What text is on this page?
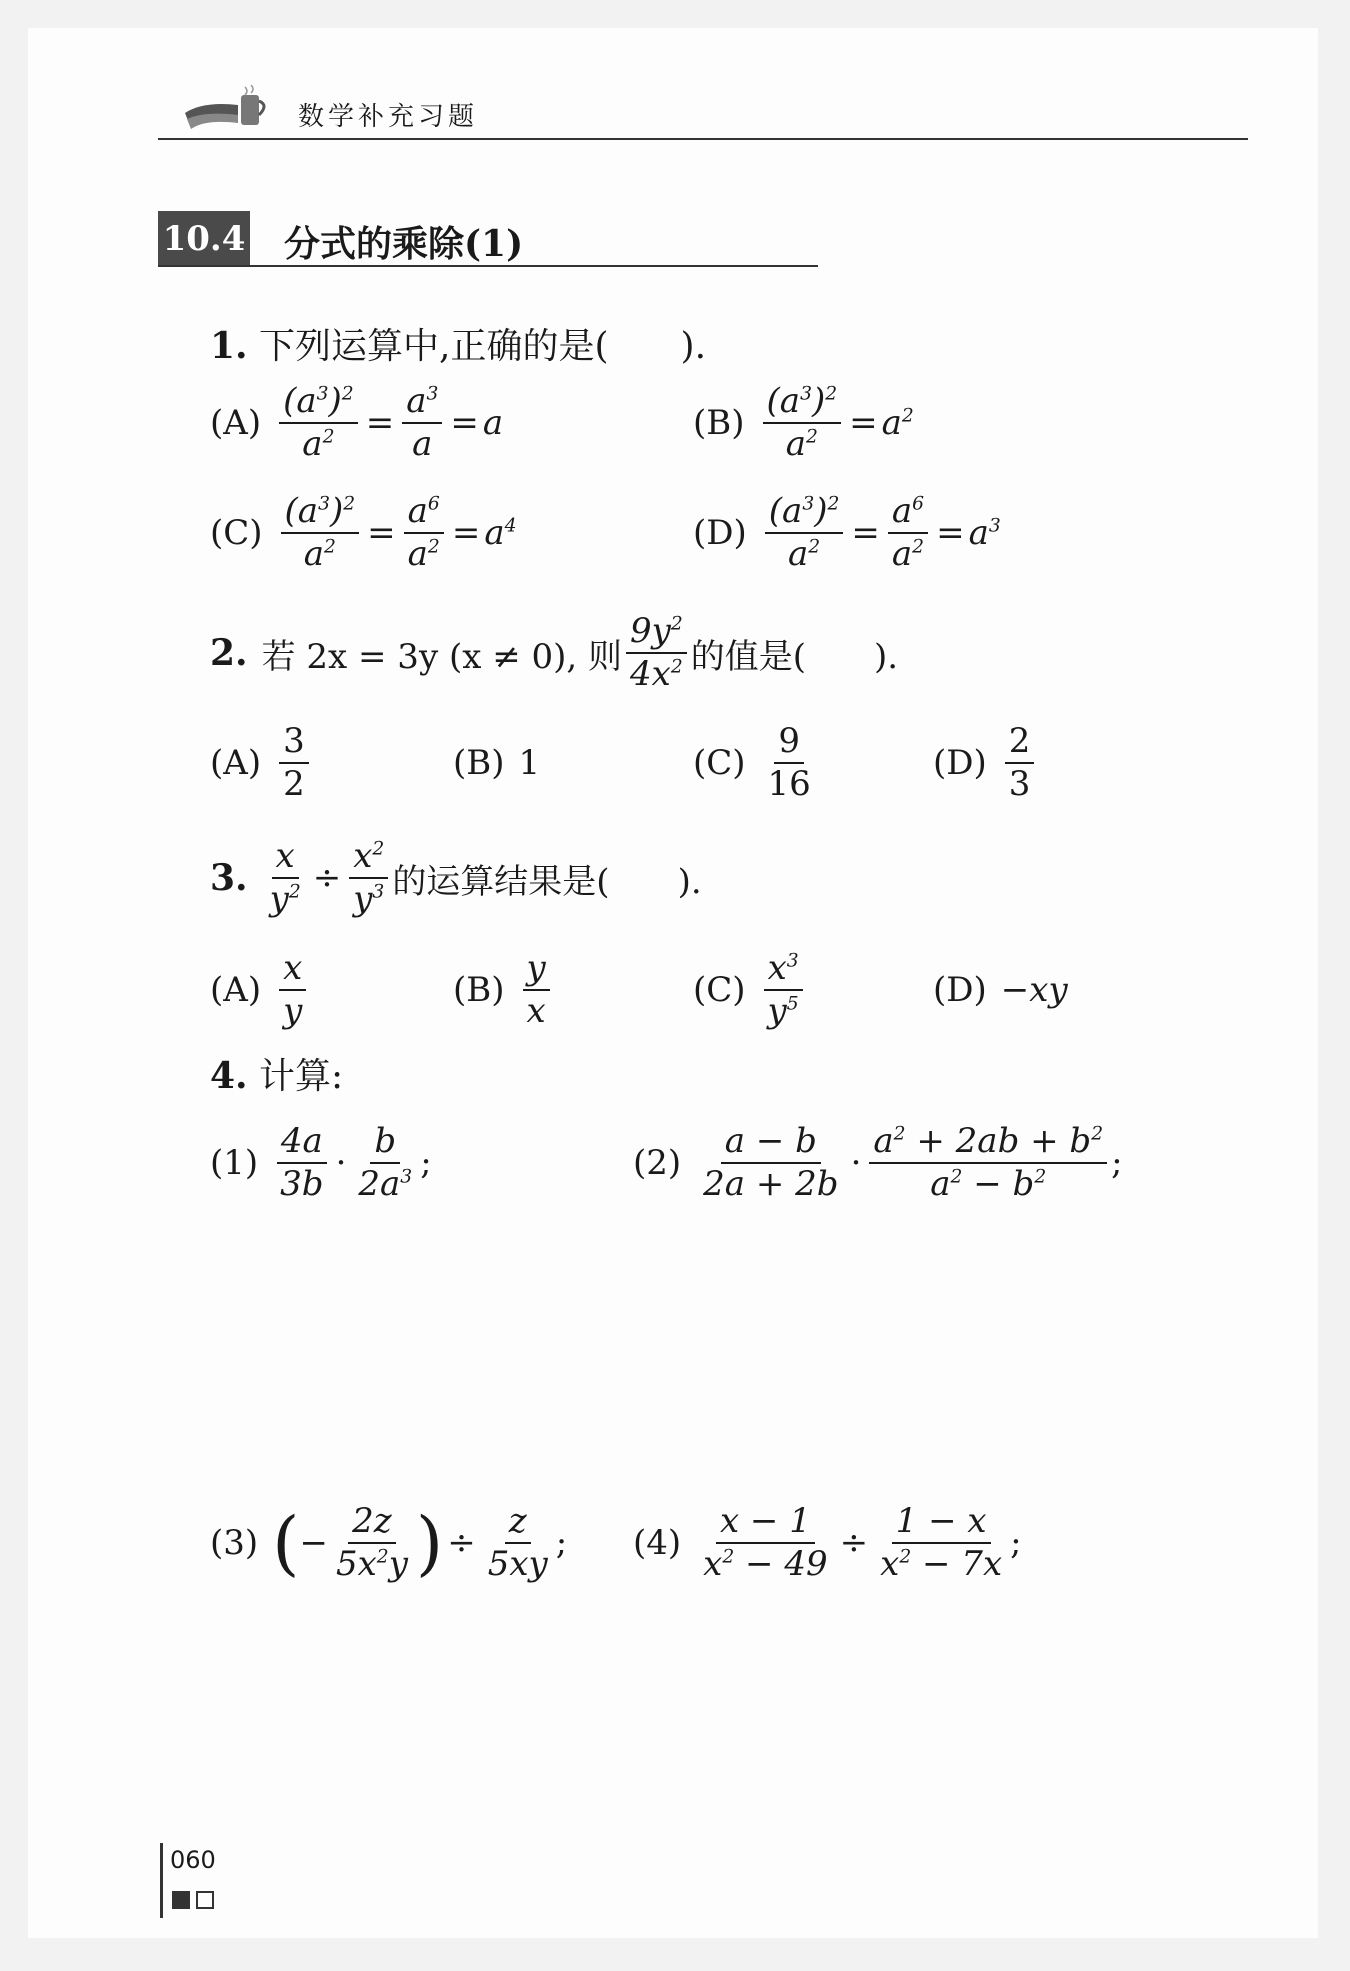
数学补充习题
10.4 分式的乘除(1)
1. 下列运算中,正确的是(　　).
$(A) \frac{(a^3)^2}{a^2} = \frac{a^3}{a} = a$	$(B) \frac{(a^3)^2}{a^2} = a^2$
$(C) \frac{(a^3)^2}{a^2} = \frac{a^6}{a^2} = a^4$	$(D) \frac{(a^3)^2}{a^2} = \frac{a^6}{a^2} = a^3$
2. 若 2x = 3y (x ≠ 0), 则 $\frac{9y^2}{4x^2}$ 的值是(　　).
$(A) \frac{3}{2}$	(B) 1	$(C) \frac{9}{16}$	$(D) \frac{2}{3}$
3. $\frac{x}{y^2} \div \frac{x^2}{y^3}$ 的运算结果是(　　).
$(A) \frac{x}{y}$	$(B) \frac{y}{x}$	$(C) \frac{x^3}{y^5}$	(D) −xy
4. 计算:
$(1) \frac{4a}{3b} \cdot \frac{b}{2a^3}$ ;	$(2) \frac{a - b}{2a + 2b} \cdot \frac{a^2 + 2ab + b^2}{a^2 - b^2}$ ;
(3) ( − $\frac{2z}{5x^2y}$ ) ÷ $\frac{z}{5xy}$ ; $(4) \frac{x - 1}{x^2 - 49} \div \frac{1 - x}{x^2 - 7x}$ ;
060
